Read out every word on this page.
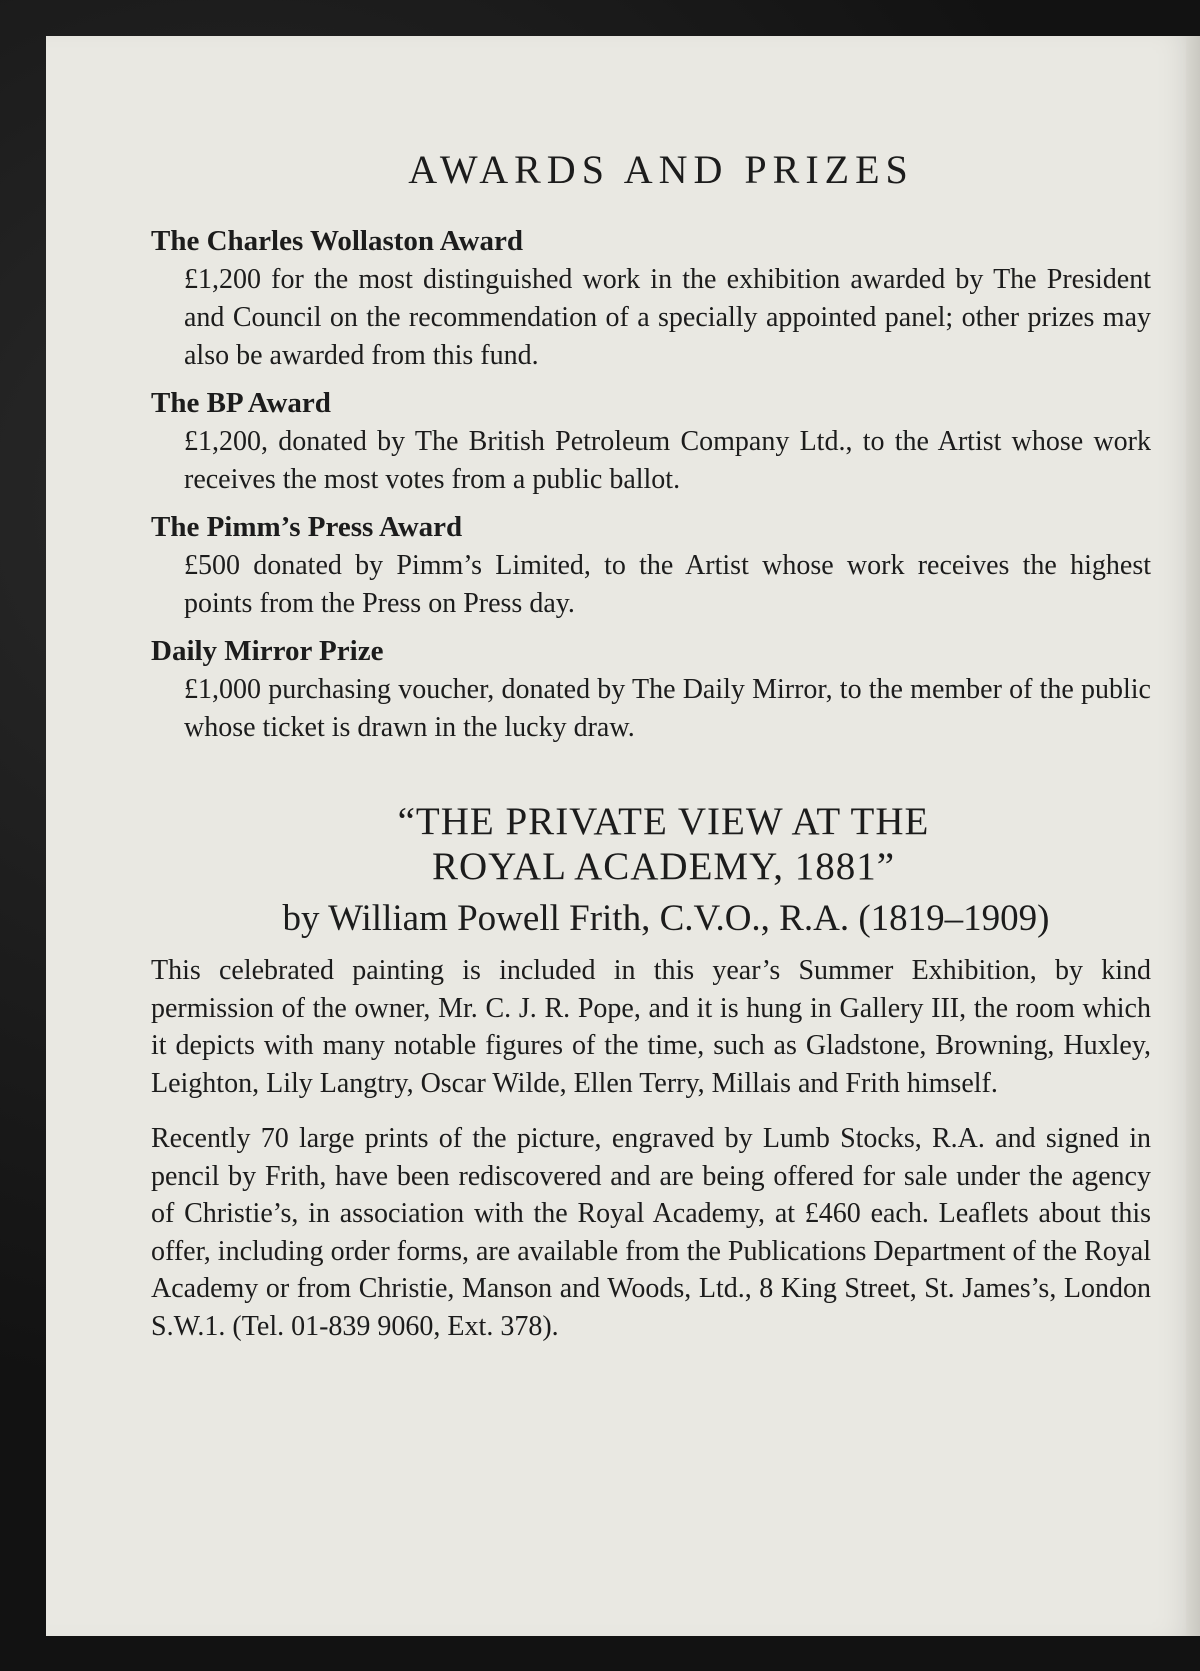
AWARDS AND PRIZES

The Charles Wollaston Award

£1,200 for the most distinguished work in the exhibition awarded by The President and Council on the recommendation of a specially appointed panel; other prizes may also be awarded from this fund.

The BP Award

£1,200, donated by The British Petroleum Company Ltd., to the Artist whose work receives the most votes from a public ballot.

The Pimm’s Press Award

£500 donated by Pimm’s Limited, to the Artist whose work receives the highest points from the Press on Press day.

Daily Mirror Prize

£1,000 purchasing voucher, donated by The Daily Mirror, to the member of the public whose ticket is drawn in the lucky draw.

“THE PRIVATE VIEW AT THE
ROYAL ACADEMY, 1881”
by William Powell Frith, C.V.O., R.A. (1819–1909)

This celebrated painting is included in this year’s Summer Exhibition, by kind permission of the owner, Mr. C. J. R. Pope, and it is hung in Gallery III, the room which it depicts with many notable figures of the time, such as Gladstone, Browning, Huxley, Leighton, Lily Langtry, Oscar Wilde, Ellen Terry, Millais and Frith himself.

Recently 70 large prints of the picture, engraved by Lumb Stocks, R.A. and signed in pencil by Frith, have been rediscovered and are being offered for sale under the agency of Christie’s, in association with the Royal Academy, at £460 each. Leaflets about this offer, including order forms, are available from the Publications Department of the Royal Academy or from Christie, Manson and Woods, Ltd., 8 King Street, St. James’s, London S.W.1. (Tel. 01-839 9060, Ext. 378).
